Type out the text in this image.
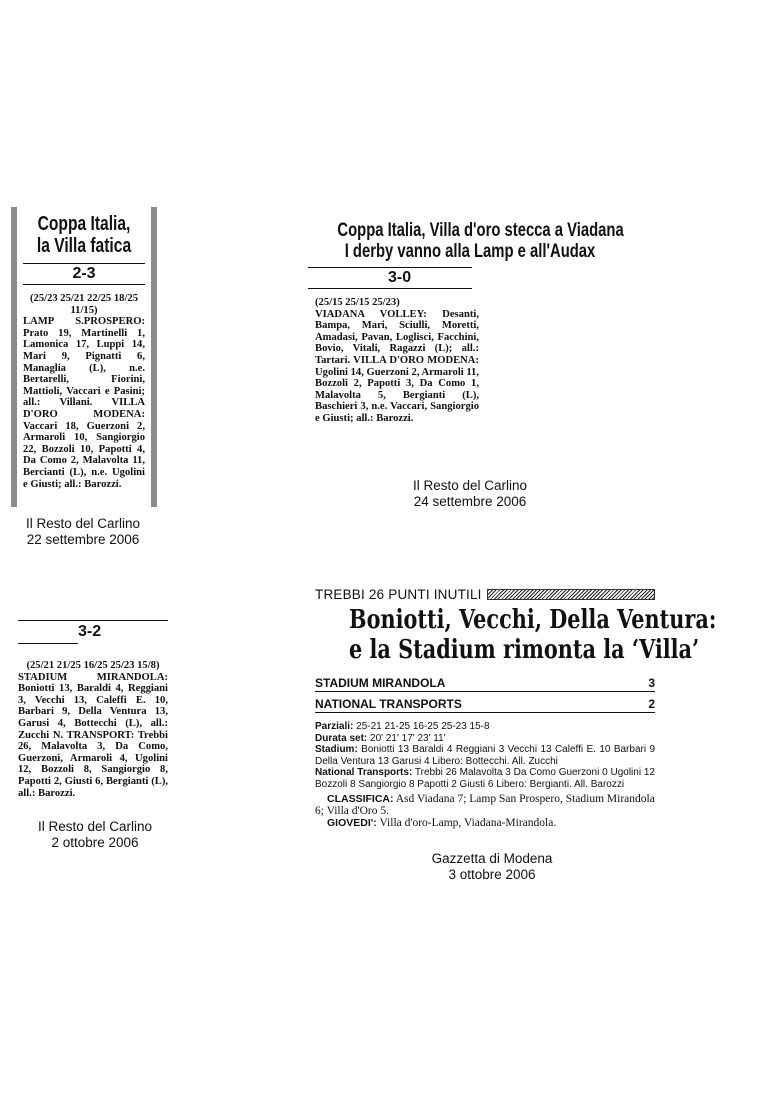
Coppa Italia,
la Villa fatica
2-3

(25/23 25/21 22/25 18/25 11/15)

LAMP S.PROSPERO: Prato 19, Martinelli 1, Lamonica 17, Luppi 14, Mari 9, Pignatti 6, Managlia (L), n.e. Bertarelli, Fiorini, Mattioli, Vaccari e Pasini; all.: Villani. VILLA D'ORO MODENA: Vaccari 18, Guerzoni 2, Armaroli 10, Sangiorgio 22, Bozzoli 10, Papotti 4, Da Como 2, Malavolta 11, Bercianti (L), n.e. Ugolini e Giusti; all.: Barozzi.

Il Resto del Carlino
22 settembre 2006
Coppa Italia, Villa d'oro stecca a Viadana
I derby vanno alla Lamp e all'Audax
3-0

(25/15 25/15 25/23)

VIADANA VOLLEY: Desanti, Bampa, Mari, Sciulli, Moretti, Amadasi, Pavan, Loglisci, Facchini, Bovio, Vitali, Ragazzi (L); all.: Tartari. VILLA D'ORO MODENA: Ugolini 14, Guerzoni 2, Armaroli 11, Bozzoli 2, Papotti 3, Da Como 1, Malavolta 5, Bergianti (L), Baschieri 3, n.e. Vaccari, Sangiorgio e Giusti; all.: Barozzi.

Il Resto del Carlino
24 settembre 2006
3-2

(25/21 21/25 16/25 25/23 15/8)

STADIUM MIRANDOLA: Boniotti 13, Baraldi 4, Reggiani 3, Vecchi 13, Caleffi E. 10, Barbari 9, Della Ventura 13, Garusi 4, Bottecchi (L), all.: Zucchi N. TRANSPORT: Trebbi 26, Malavolta 3, Da Como, Guerzoni, Armaroli 4, Ugolini 12, Bozzoli 8, Sangiorgio 8, Papotti 2, Giusti 6, Bergianti (L), all.: Barozzi.

Il Resto del Carlino
2 ottobre 2006
TREBBI 26 PUNTI INUTILI
Boniotti, Vecchi, Della Ventura:
e la Stadium rimonta la ‘Villa’
STADIUM MIRANDOLA	3
NATIONAL TRANSPORTS	2

Parziali: 25-21 21-25 16-25 25-23 15-8

Durata set: 20' 21' 17' 23' 11'

Stadium: Boniotti 13 Baraldi 4 Reggiani 3 Vecchi 13 Caleffi E. 10 Barbari 9 Della Ventura 13 Garusi 4 Libero: Bottecchi. All. Zucchi

National Transports: Trebbi 26 Malavolta 3 Da Como Guerzoni 0 Ugolini 12 Bozzoli 8 Sangiorgio 8 Papotti 2 Giusti 6 Libero: Bergianti. All. Barozzi

CLASSIFICA: Asd Viadana 7; Lamp San Prospero, Stadium Mirandola 6; Villa d'Oro 5.
GIOVEDI': Villa d'oro-Lamp, Viadana-Mirandola.
Gazzetta di Modena
3 ottobre 2006
